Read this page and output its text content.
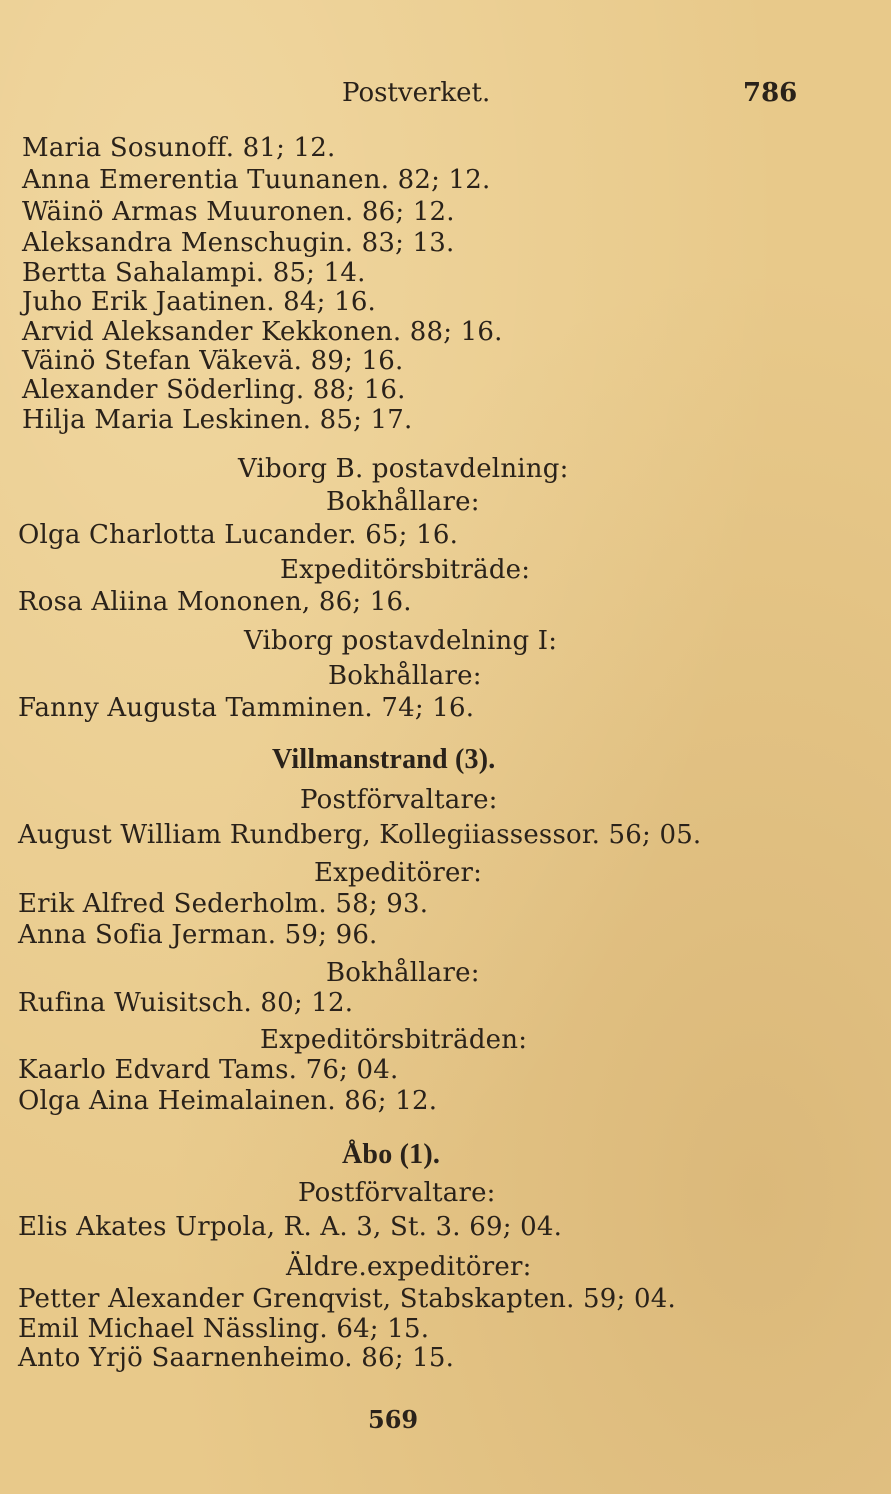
Postverket.	786
Maria Sosunoff. 81; 12.
Anna Emerentia Tuunanen. 82; 12.
Wäinö Armas Muuronen. 86; 12.
Aleksandra Menschugin. 83; 13.
Bertta Sahalampi. 85; 14.
Juho Erik Jaatinen. 84; 16.
Arvid Aleksander Kekkonen. 88; 16.
Väinö Stefan Väkevä. 89; 16.
Alexander Söderling. 88; 16.
Hilja Maria Leskinen. 85; 17.
Viborg B. postavdelning:
Bokhållare:
Olga Charlotta Lucander. 65; 16.
Expeditörsbiträde:
Rosa Aliina Mononen, 86; 16.
Viborg postavdelning I:
Bokhållare:
Fanny Augusta Tamminen. 74; 16.
Villmanstrand (3).
Postförvaltare:
August William Rundberg, Kollegiiassessor. 56; 05.
Expeditörer:
Erik Alfred Sederholm. 58; 93.
Anna Sofia Jerman. 59; 96.
Bokhållare:
Rufina Wuisitsch. 80; 12.
Expeditörsbiträden:
Kaarlo Edvard Tams. 76; 04.
Olga Aina Heimalainen. 86; 12.
Åbo (1).
Postförvaltare:
Elis Akates Urpola, R. A. 3, St. 3. 69; 04.
Äldre.expeditörer:
Petter Alexander Grenqvist, Stabskapten. 59; 04.
Emil Michael Nässling. 64; 15.
Anto Yrjö Saarnenheimo. 86; 15.
569
